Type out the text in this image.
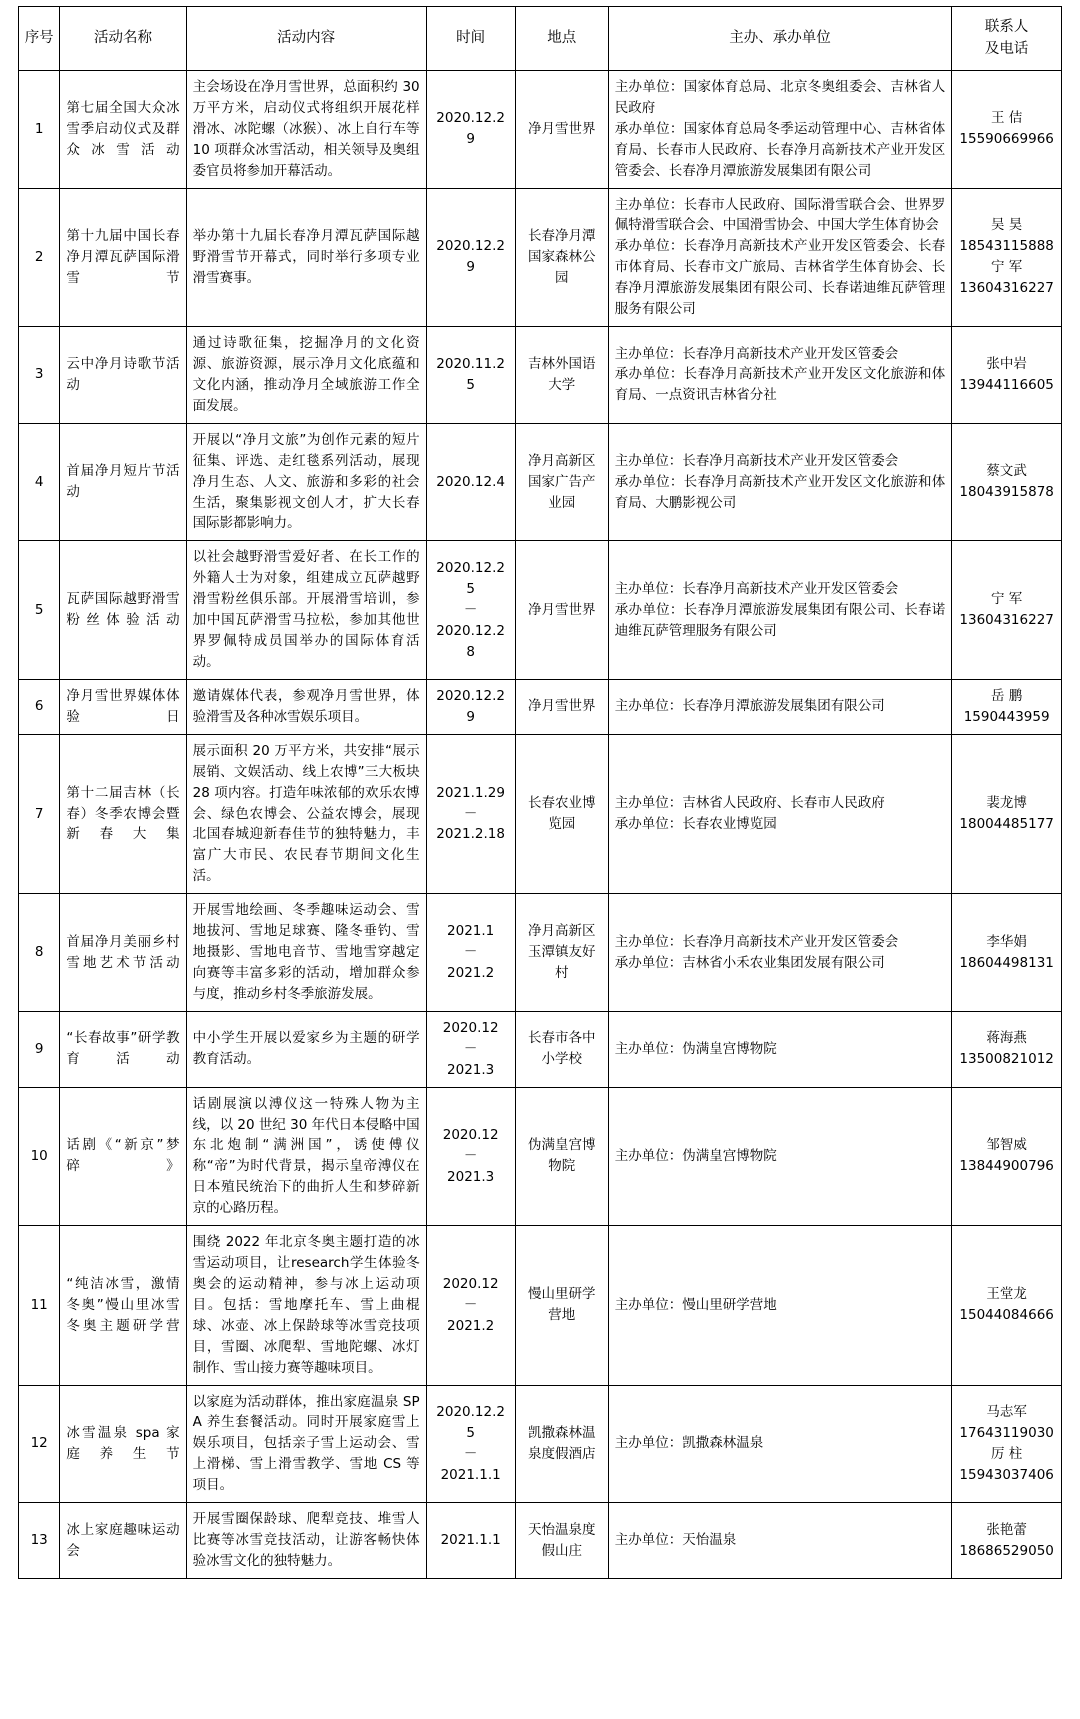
序号	活动名称	活动内容	时间	地点	主办、承办单位	联系人
及电话

1	第七届全国大众冰雪季启动仪式及群众冰雪活动	主会场设在净月雪世界，总面积约 30 万平方米，启动仪式将组织开展花样滑冰、冰陀螺（冰猴）、冰上自行车等 10 项群众冰雪活动，相关领导及奥组委官员将参加开幕活动。	2020.12.29	净月雪世界	主办单位：国家体育总局、北京冬奥组委会、吉林省人民政府
承办单位：国家体育总局冬季运动管理中心、吉林省体育局、长春市人民政府、长春净月高新技术产业开发区管委会、长春净月潭旅游发展集团有限公司	王 佶
15590669966

2	第十九届中国长春净月潭瓦萨国际滑雪节	举办第十九届长春净月潭瓦萨国际越野滑雪节开幕式，同时举行多项专业滑雪赛事。	2020.12.29	长春净月潭国家森林公园	主办单位：长春市人民政府、国际滑雪联合会、世界罗佩特滑雪联合会、中国滑雪协会、中国大学生体育协会
承办单位：长春净月高新技术产业开发区管委会、长春市体育局、长春市文广旅局、吉林省学生体育协会、长春净月潭旅游发展集团有限公司、长春诺迪维瓦萨管理服务有限公司	吴 昊
18543115888
宁 军
13604316227

3	云中净月诗歌节活动	通过诗歌征集，挖掘净月的文化资源、旅游资源，展示净月文化底蕴和文化内涵，推动净月全域旅游工作全面发展。	2020.11.25	吉林外国语大学	主办单位：长春净月高新技术产业开发区管委会
承办单位：长春净月高新技术产业开发区文化旅游和体育局、一点资讯吉林省分社	张中岩
13944116605

4	首届净月短片节活动	开展以“净月文旅”为创作元素的短片征集、评选、走红毯系列活动，展现净月生态、人文、旅游和多彩的社会生活，聚集影视文创人才，扩大长春国际影都影响力。	2020.12.4	净月高新区国家广告产业园	主办单位：长春净月高新技术产业开发区管委会
承办单位：长春净月高新技术产业开发区文化旅游和体育局、大鹏影视公司	蔡文武
18043915878

5	瓦萨国际越野滑雪粉丝体验活动	以社会越野滑雪爱好者、在长工作的外籍人士为对象，组建成立瓦萨越野滑雪粉丝俱乐部。开展滑雪培训，参加中国瓦萨滑雪马拉松，参加其他世界罗佩特成员国举办的国际体育活动。	2020.12.25
－
2020.12.28	净月雪世界	主办单位：长春净月高新技术产业开发区管委会
承办单位：长春净月潭旅游发展集团有限公司、长春诺迪维瓦萨管理服务有限公司	宁 军
13604316227

6	净月雪世界媒体体验日	邀请媒体代表，参观净月雪世界，体验滑雪及各种冰雪娱乐项目。	2020.12.29	净月雪世界	主办单位：长春净月潭旅游发展集团有限公司	岳 鹏
1590443959

7	第十二届吉林（长春）冬季农博会暨新春大集	展示面积 20 万平方米，共安排“展示展销、文娱活动、线上农博”三大板块 28 项内容。打造年味浓郁的欢乐农博会、绿色农博会、公益农博会，展现北国春城迎新春佳节的独特魅力，丰富广大市民、农民春节期间文化生活。	2021.1.29
－
2021.2.18	长春农业博览园	主办单位：吉林省人民政府、长春市人民政府
承办单位：长春农业博览园	裴龙博
18004485177

8	首届净月美丽乡村雪地艺术节活动	开展雪地绘画、冬季趣味运动会、雪地拔河、雪地足球赛、隆冬垂钓、雪地摄影、雪地电音节、雪地雪穿越定向赛等丰富多彩的活动，增加群众参与度，推动乡村冬季旅游发展。	2021.1
－
2021.2	净月高新区玉潭镇友好村	主办单位：长春净月高新技术产业开发区管委会
承办单位：吉林省小禾农业集团发展有限公司	李华娟
18604498131

9	“长春故事”研学教育活动	中小学生开展以爱家乡为主题的研学教育活动。	2020.12
－
2021.3	长春市各中小学校	主办单位：伪满皇宫博物院	蒋海燕
13500821012

10	话剧《“新京”梦碎》	话剧展演以溥仪这一特殊人物为主线，以 20 世纪 30 年代日本侵略中国东北炮制“满洲国”，诱使傅仪称“帝”为时代背景，揭示皇帝溥仪在日本殖民统治下的曲折人生和梦碎新京的心路历程。	2020.12
－
2021.3	伪满皇宫博物院	主办单位：伪满皇宫博物院	邹智威
13844900796

11	“纯洁冰雪，激情冬奥”慢山里冰雪冬奥主题研学营	围绕 2022 年北京冬奥主题打造的冰雪运动项目，让research学生体验冬奥会的运动精神，参与冰上运动项目。包括：雪地摩托车、雪上曲棍球、冰壶、冰上保龄球等冰雪竞技项目，雪圈、冰爬犁、雪地陀螺、冰灯制作、雪山接力赛等趣味项目。	2020.12
－
2021.2	慢山里研学营地	主办单位：慢山里研学营地	王堂龙
15044084666

12	冰雪温泉 spa 家庭养生节	以家庭为活动群体，推出家庭温泉 SPA 养生套餐活动。同时开展家庭雪上娱乐项目，包括亲子雪上运动会、雪上滑梯、雪上滑雪教学、雪地 CS 等项目。	2020.12.25
－
2021.1.1	凯撒森林温泉度假酒店	主办单位：凯撒森林温泉	马志军
17643119030
厉 柱
15943037406

13	冰上家庭趣味运动会	开展雪圈保龄球、爬犁竞技、堆雪人比赛等冰雪竞技活动，让游客畅快体验冰雪文化的独特魅力。	2021.1.1	天怡温泉度假山庄	主办单位：天怡温泉	张艳蕾
18686529050
